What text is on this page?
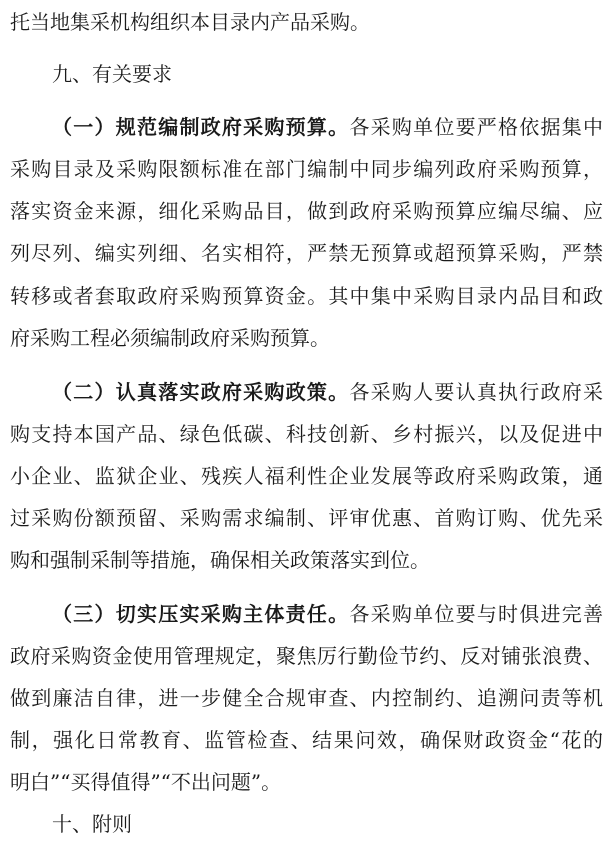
托当地集采机构组织本目录内产品采购。
九、有关要求
（一）规范编制政府采购预算。各采购单位要严格依据集中
采购目录及采购限额标准在部门编制中同步编列政府采购预算，
落实资金来源，细化采购品目，做到政府采购预算应编尽编、应
列尽列、编实列细、名实相符，严禁无预算或超预算采购，严禁
转移或者套取政府采购预算资金。其中集中采购目录内品目和政
府采购工程必须编制政府采购预算。
（二）认真落实政府采购政策。各采购人要认真执行政府采
购支持本国产品、绿色低碳、科技创新、乡村振兴，以及促进中
小企业、监狱企业、残疾人福利性企业发展等政府采购政策，通
过采购份额预留、采购需求编制、评审优惠、首购订购、优先采
购和强制采制等措施，确保相关政策落实到位。
（三）切实压实采购主体责任。各采购单位要与时俱进完善
政府采购资金使用管理规定，聚焦厉行勤俭节约、反对铺张浪费、
做到廉洁自律，进一步健全合规审查、内控制约、追溯问责等机
制，强化日常教育、监管检查、结果问效，确保财政资金“花的
明白”“买得值得”“不出问题”。
十、附则
